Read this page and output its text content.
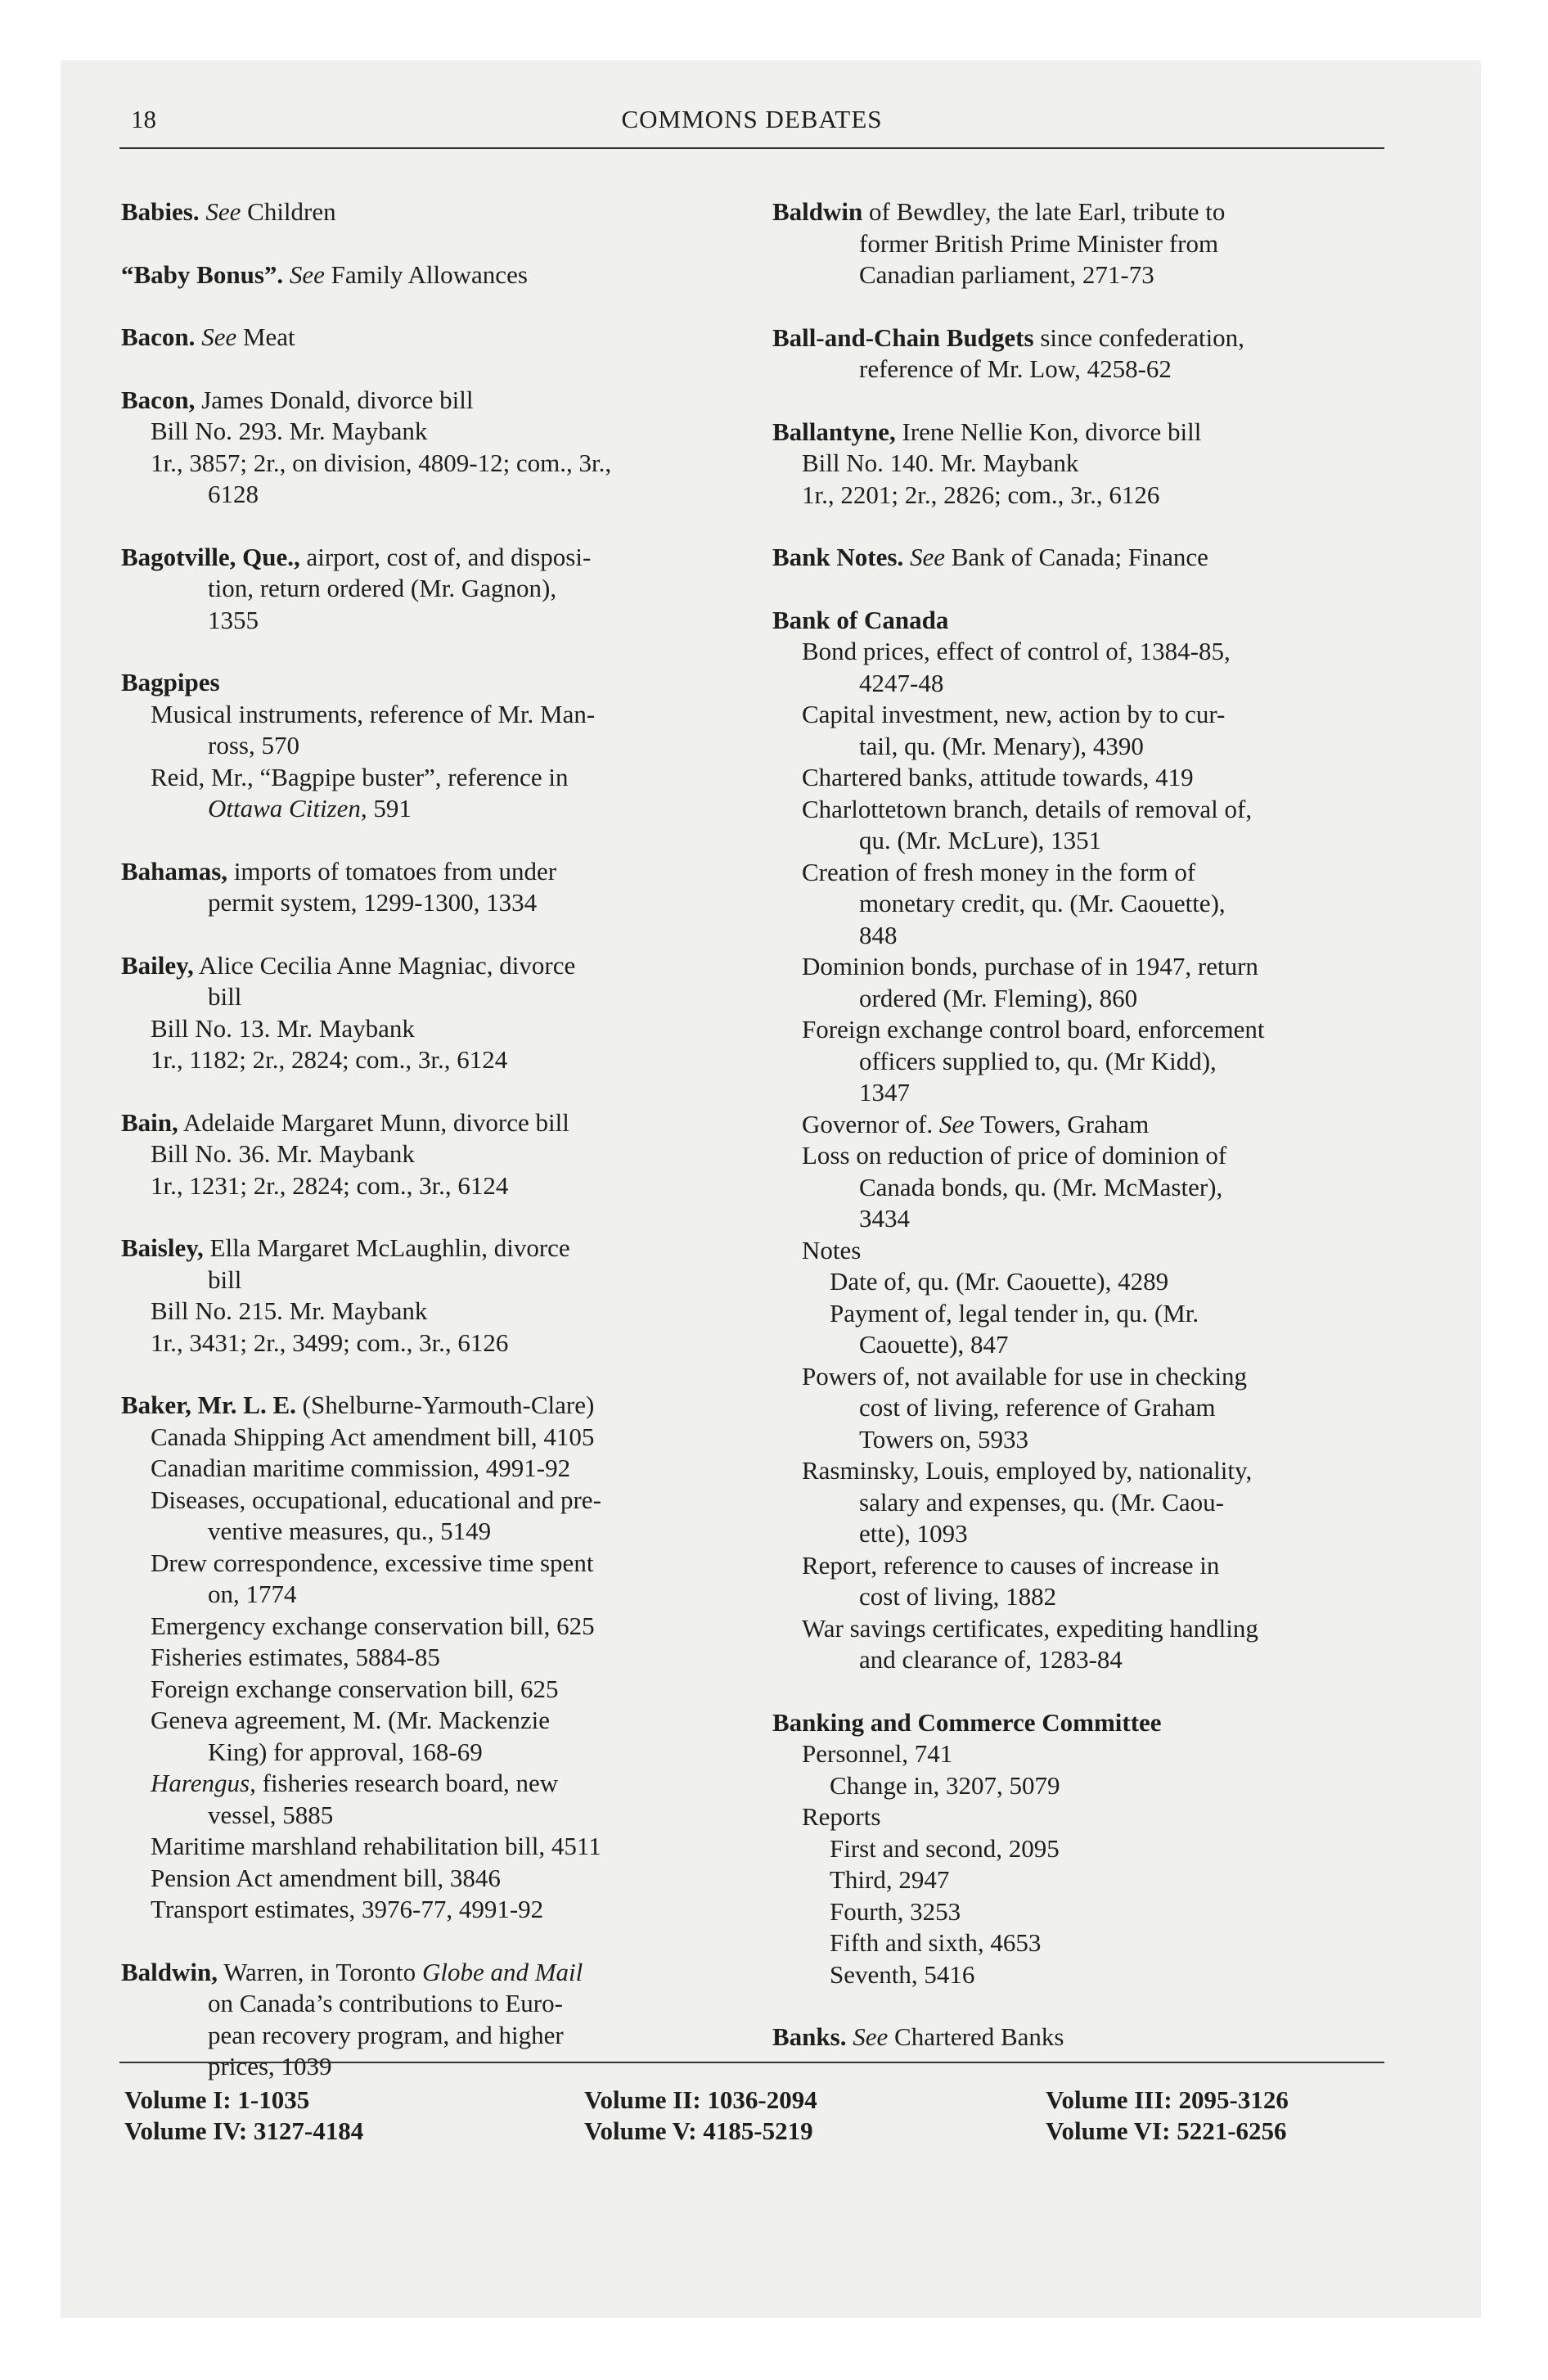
18	COMMONS DEBATES
Babies. See Children
“Baby Bonus”. See Family Allowances
Bacon. See Meat
Bacon, James Donald, divorce bill
Bill No. 293. Mr. Maybank
1r., 3857; 2r., on division, 4809-12; com., 3r.,
6128
Bagotville, Que., airport, cost of, and disposi-
tion, return ordered (Mr. Gagnon),
1355
Bagpipes
Musical instruments, reference of Mr. Man-
ross, 570
Reid, Mr., “Bagpipe buster”, reference in
Ottawa Citizen, 591
Bahamas, imports of tomatoes from under
permit system, 1299-1300, 1334
Bailey, Alice Cecilia Anne Magniac, divorce
bill
Bill No. 13. Mr. Maybank
1r., 1182; 2r., 2824; com., 3r., 6124
Bain, Adelaide Margaret Munn, divorce bill
Bill No. 36. Mr. Maybank
1r., 1231; 2r., 2824; com., 3r., 6124
Baisley, Ella Margaret McLaughlin, divorce
bill
Bill No. 215. Mr. Maybank
1r., 3431; 2r., 3499; com., 3r., 6126
Baker, Mr. L. E. (Shelburne-Yarmouth-Clare)
Canada Shipping Act amendment bill, 4105
Canadian maritime commission, 4991-92
Diseases, occupational, educational and pre-
ventive measures, qu., 5149
Drew correspondence, excessive time spent
on, 1774
Emergency exchange conservation bill, 625
Fisheries estimates, 5884-85
Foreign exchange conservation bill, 625
Geneva agreement, M. (Mr. Mackenzie
King) for approval, 168-69
Harengus, fisheries research board, new
vessel, 5885
Maritime marshland rehabilitation bill, 4511
Pension Act amendment bill, 3846
Transport estimates, 3976-77, 4991-92
Baldwin, Warren, in Toronto Globe and Mail
on Canada’s contributions to Euro-
pean recovery program, and higher
prices, 1039
Baldwin of Bewdley, the late Earl, tribute to
former British Prime Minister from
Canadian parliament, 271-73
Ball-and-Chain Budgets since confederation,
reference of Mr. Low, 4258-62
Ballantyne, Irene Nellie Kon, divorce bill
Bill No. 140. Mr. Maybank
1r., 2201; 2r., 2826; com., 3r., 6126
Bank Notes. See Bank of Canada; Finance
Bank of Canada
Bond prices, effect of control of, 1384-85,
4247-48
Capital investment, new, action by to cur-
tail, qu. (Mr. Menary), 4390
Chartered banks, attitude towards, 419
Charlottetown branch, details of removal of,
qu. (Mr. McLure), 1351
Creation of fresh money in the form of
monetary credit, qu. (Mr. Caouette),
848
Dominion bonds, purchase of in 1947, return
ordered (Mr. Fleming), 860
Foreign exchange control board, enforcement
officers supplied to, qu. (Mr Kidd),
1347
Governor of. See Towers, Graham
Loss on reduction of price of dominion of
Canada bonds, qu. (Mr. McMaster),
3434
Notes
Date of, qu. (Mr. Caouette), 4289
Payment of, legal tender in, qu. (Mr.
Caouette), 847
Powers of, not available for use in checking
cost of living, reference of Graham
Towers on, 5933
Rasminsky, Louis, employed by, nationality,
salary and expenses, qu. (Mr. Caou-
ette), 1093
Report, reference to causes of increase in
cost of living, 1882
War savings certificates, expediting handling
and clearance of, 1283-84
Banking and Commerce Committee
Personnel, 741
Change in, 3207, 5079
Reports
First and second, 2095
Third, 2947
Fourth, 3253
Fifth and sixth, 4653
Seventh, 5416
Banks. See Chartered Banks
Volume I: 1-1035	Volume II: 1036-2094	Volume III: 2095-3126
Volume IV: 3127-4184	Volume V: 4185-5219	Volume VI: 5221-6256
